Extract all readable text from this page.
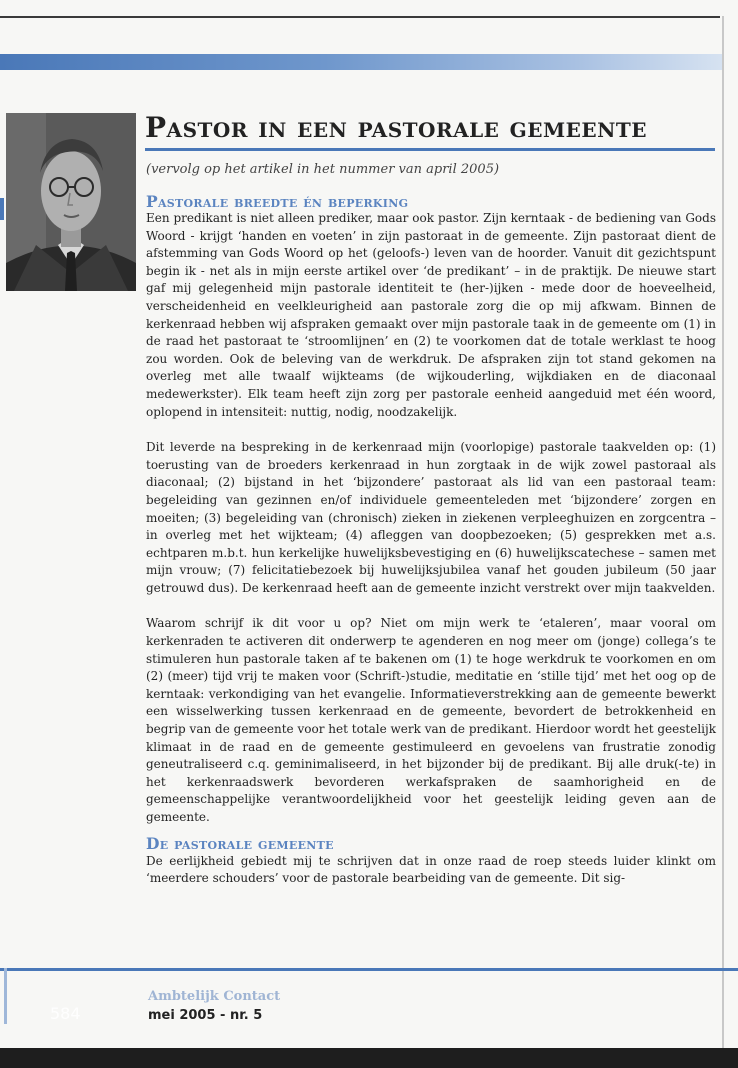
Pastor in een pastorale gemeente
(vervolg op het artikel in het nummer van april 2005)
Pastorale breedte én beperking

Een predikant is niet alleen prediker, maar ook pastor. Zijn kerntaak - de bediening van Gods Woord - krijgt ‘handen en voeten’ in zijn pastoraat in de gemeente. Zijn pastoraat dient de afstemming van Gods Woord op het (geloofs-) leven van de hoorder. Vanuit dit gezichtspunt begin ik - net als in mijn eerste artikel over ‘de predikant’ – in de praktijk. De nieuwe start gaf mij gelegenheid mijn pastorale identiteit te (her-)ijken - mede door de hoeveelheid, verscheidenheid en veelkleurigheid aan pastorale zorg die op mij afkwam. Binnen de kerkenraad hebben wij afspraken gemaakt over mijn pastorale taak in de gemeente om (1) in de raad het pastoraat te ‘stroomlijnen’ en (2) te voorkomen dat de totale werklast te hoog zou worden. Ook de beleving van de werkdruk. De afspraken zijn tot stand gekomen na overleg met alle twaalf wijkteams (de wijkouderling, wijkdiaken en de diaconaal medewerkster). Elk team heeft zijn zorg per pastorale eenheid aangeduid met één woord, oplopend in intensiteit: nuttig, nodig, noodzakelijk.

Dit leverde na bespreking in de kerkenraad mijn (voorlopige) pastorale taakvelden op: (1) toerusting van de broeders kerkenraad in hun zorgtaak in de wijk zowel pastoraal als diaconaal; (2) bijstand in het ‘bijzondere’ pastoraat als lid van een pastoraal team: begeleiding van gezinnen en/of individuele gemeenteleden met ‘bijzondere’ zorgen en moeiten; (3) begeleiding van (chronisch) zieken in ziekenen verpleeghuizen en zorgcentra – in overleg met het wijkteam; (4) afleggen van doopbezoeken; (5) gesprekken met a.s. echtparen m.b.t. hun kerkelijke huwelijksbevestiging en (6) huwelijkscatechese – samen met mijn vrouw; (7) felicitatiebezoek bij huwelijksjubilea vanaf het gouden jubileum (50 jaar getrouwd dus). De kerkenraad heeft aan de gemeente inzicht verstrekt over mijn taakvelden.

Waarom schrijf ik dit voor u op? Niet om mijn werk te ‘etaleren’, maar vooral om kerkenraden te activeren dit onderwerp te agenderen en nog meer om (jonge) collega’s te stimuleren hun pastorale taken af te bakenen om (1) te hoge werkdruk te voorkomen en om (2) (meer) tijd vrij te maken voor (Schrift-)studie, meditatie en ‘stille tijd’ met het oog op de kerntaak: verkondiging van het evangelie. Informatieverstrekking aan de gemeente bewerkt een wisselwerking tussen kerkenraad en de gemeente, bevordert de betrokkenheid en begrip van de gemeente voor het totale werk van de predikant. Hierdoor wordt het geestelijk klimaat in de raad en de gemeente gestimuleerd en gevoelens van frustratie zonodig geneutraliseerd c.q. geminimaliseerd, in het bijzonder bij de predikant. Bij alle druk(-te) in het kerkenraadswerk bevorderen werkafspraken de saamhorigheid en de gemeenschappelijke verantwoordelijkheid voor het geestelijk leiding geven aan de gemeente.

De pastorale gemeente

De eerlijkheid gebiedt mij te schrijven dat in onze raad de roep steeds luider klinkt om ‘meerdere schouders’ voor de pastorale bearbeiding van de gemeente. Dit sig-

584
Ambtelijk Contact
mei 2005 - nr. 5
